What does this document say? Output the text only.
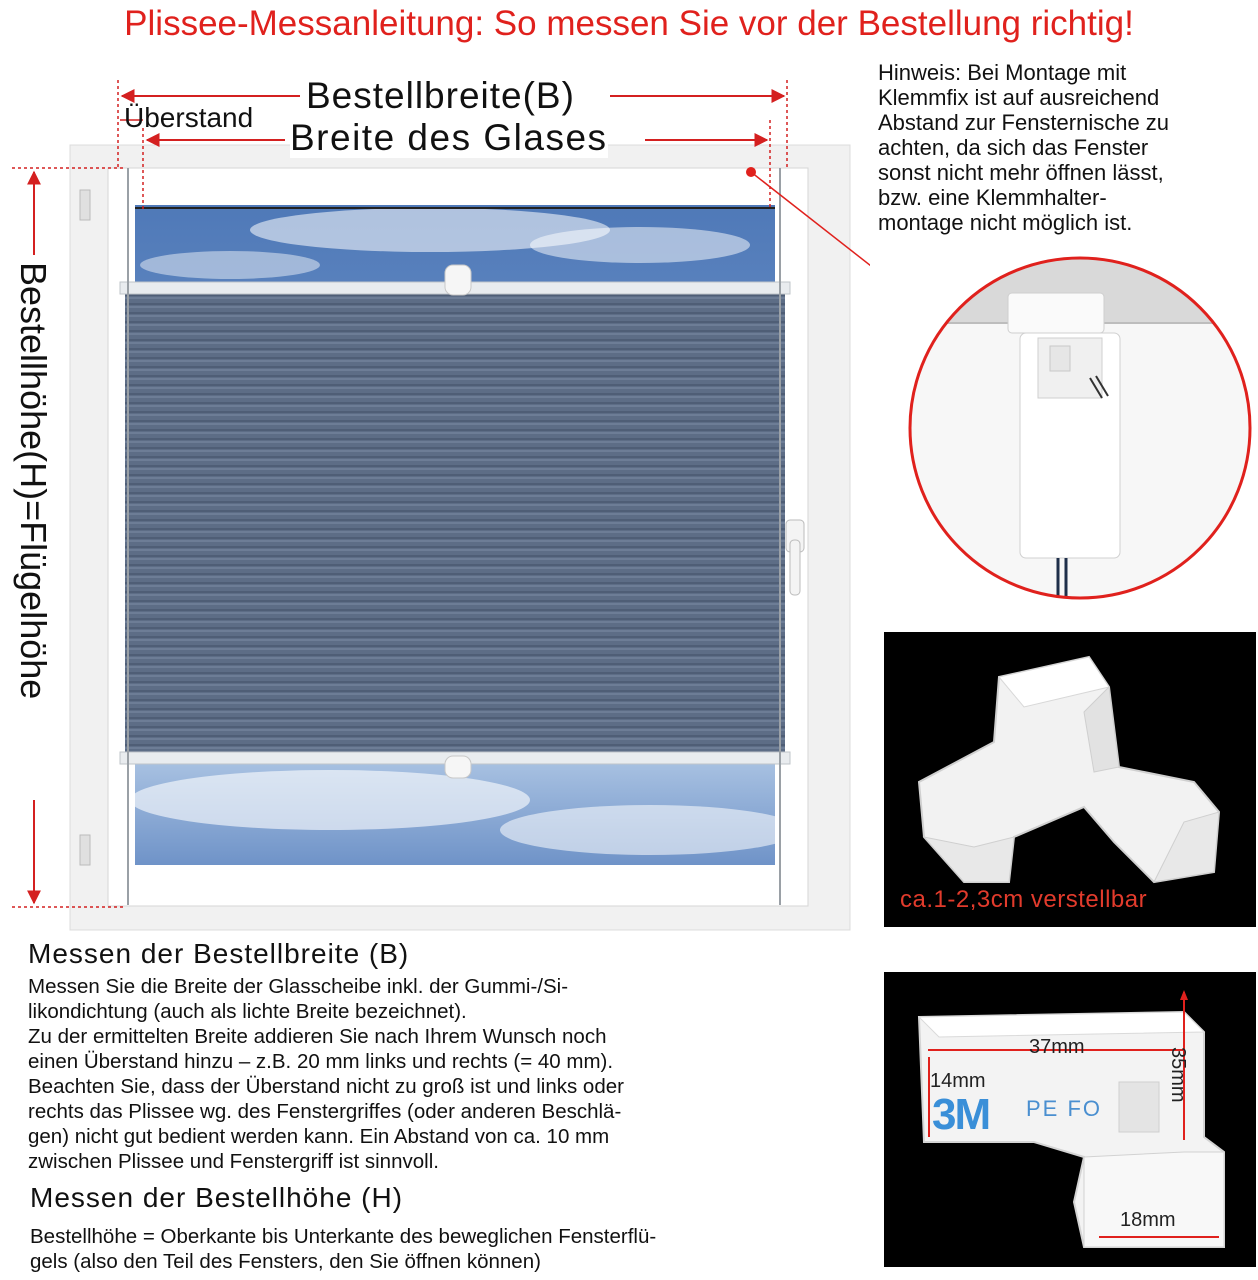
Plissee-Messanleitung: So messen Sie vor der Bestellung richtig!
Bestellbreite(B)
Überstand Breite des Glases
Bestellhöhe(H)=Flügelhöhe
Hinweis: Bei Montage mit
Klemmfix ist auf ausreichend
Abstand zur Fensternische zu
achten, da sich das Fenster
sonst nicht mehr öffnen lässt,
bzw. eine Klemmhalter-
montage nicht möglich ist.
ca.1-2,3cm verstellbar
37mm	35mm
14mm
18mm
3M PE FO
Messen der Bestellbreite (B)
Messen Sie die Breite der Glasscheibe inkl. der Gummi-/Si-
likondichtung (auch als lichte Breite bezeichnet).
Zu der ermittelten Breite addieren Sie nach Ihrem Wunsch noch
einen Überstand hinzu – z.B. 20 mm links und rechts (= 40 mm).
Beachten Sie, dass der Überstand nicht zu groß ist und links oder
rechts das Plissee wg. des Fenstergriffes (oder anderen Beschlä-
gen) nicht gut bedient werden kann. Ein Abstand von ca. 10 mm
zwischen Plissee und Fenstergriff ist sinnvoll.
Messen der Bestellhöhe (H)
Bestellhöhe = Oberkante bis Unterkante des beweglichen Fensterflü-
gels (also den Teil des Fensters, den Sie öffnen können)
